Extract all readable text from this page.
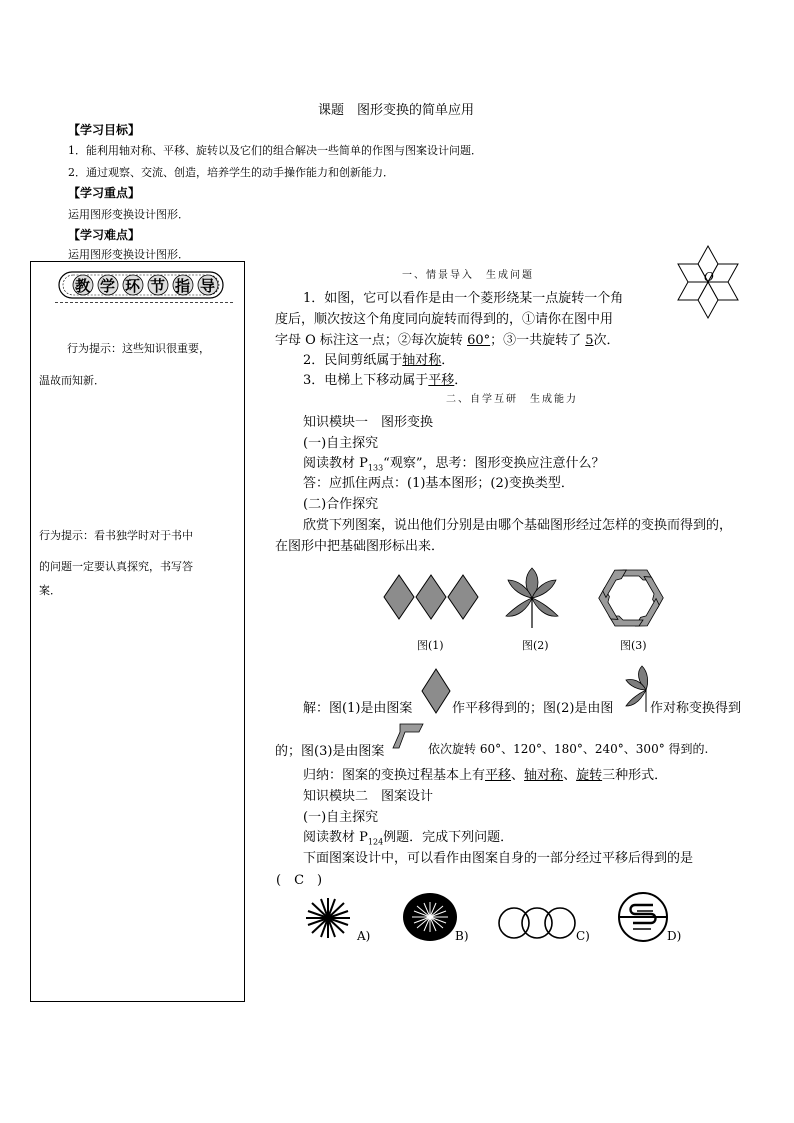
课题　图形变换的简单应用
【学习目标】
1．能利用轴对称、平移、旋转以及它们的组合解决一些简单的作图与图案设计问题．
2．通过观察、交流、创造，培养学生的动手操作能力和创新能力．
【学习重点】
运用图形变换设计图形．
【学习难点】
运用图形变换设计图形．
教 学 环 节 指 导
行为提示：这些知识很重要，
温故而知新．
行为提示：看书独学时对于书中
的问题一定要认真探究，书写答
案．
一、情景导入　生成问题	O
1．如图，它可以看作是由一个菱形绕某一点旋转一个角
度后，顺次按这个角度同向旋转而得到的，①请你在图中用
字母 O 标注这一点；②每次旋转 60°；③一共旋转了 5次．
2．民间剪纸属于轴对称．
3．电梯上下移动属于平移．
二、自学互研　生成能力
知识模块一　图形变换
(一)自主探究
阅读教材 $P_{133}“$观察”，思考：图形变换应注意什么？
答：应抓住两点：(1)基本图形；(2)变换类型．
(二)合作探究
欣赏下列图案，说出他们分别是由哪个基础图形经过怎样的变换而得到的，
在图形中把基础图形标出来．
图(1)	图(2)	图(3)
解：图(1)是由图案	作平移得到的；图(2)是由图	作对称变换得到
的；图(3)是由图案	依次旋转 60°、120°、180°、240°、300° 得到的.
归纳：图案的变换过程基本上有平移、轴对称、旋转三种形式．
知识模块二　图案设计
(一)自主探究
阅读教材 $P_{124}$例题．完成下列问题．
下面图案设计中，可以看作由图案自身的一部分经过平移后得到的是
(　C　)
A)	B)	C)	D)
